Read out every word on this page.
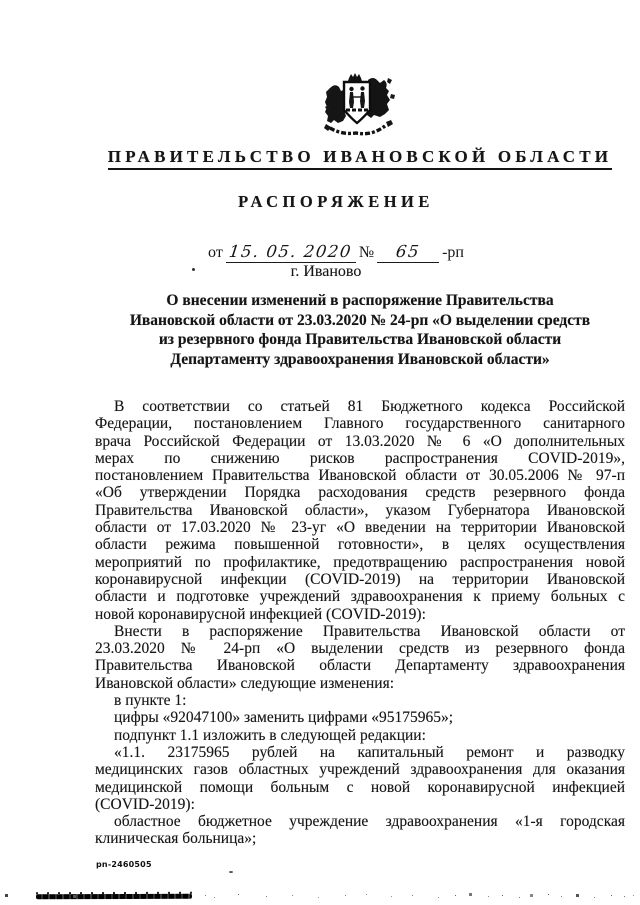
ПРАВИТЕЛЬСТВО ИВАНОВСКОЙ ОБЛАСТИ
РАСПОРЯЖЕНИЕ
от 15. 05. 2020 №	65	-рп
г. Иваново
О внесении изменений в распоряжение Правительства
Ивановской области от 23.03.2020 № 24-рп «О выделении средств
из резервного фонда Правительства Ивановской области
Департаменту здравоохранения Ивановской области»
В соответствии со статьей 81 Бюджетного кодекса Российской
Федерации, постановлением Главного государственного санитарного
врача Российской Федерации от 13.03.2020 № 6 «О дополнительных
мерах по снижению рисков распространения COVID-2019»,
постановлением Правительства Ивановской области от 30.05.2006 № 97-п
«Об утверждении Порядка расходования средств резервного фонда
Правительства Ивановской области», указом Губернатора Ивановской
области от 17.03.2020 № 23-уг «О введении на территории Ивановской
области режима повышенной готовности», в целях осуществления
мероприятий по профилактике, предотвращению распространения новой
коронавирусной инфекции (COVID-2019) на территории Ивановской
области и подготовке учреждений здравоохранения к приему больных с
новой коронавирусной инфекцией (COVID-2019):
Внести в распоряжение Правительства Ивановской области от
23.03.2020 № 24-рп «О выделении средств из резервного фонда
Правительства Ивановской области Департаменту здравоохранения
Ивановской области» следующие изменения:
в пункте 1:
цифры «92047100» заменить цифрами «95175965»;
подпункт 1.1 изложить в следующей редакции:
«1.1. 23175965 рублей на капитальный ремонт и разводку
медицинских газов областных учреждений здравоохранения для оказания
медицинской помощи больным с новой коронавирусной инфекцией
(COVID-2019):
областное бюджетное учреждение здравоохранения «1-я городская
клиническая больница»;
pn-2460505
